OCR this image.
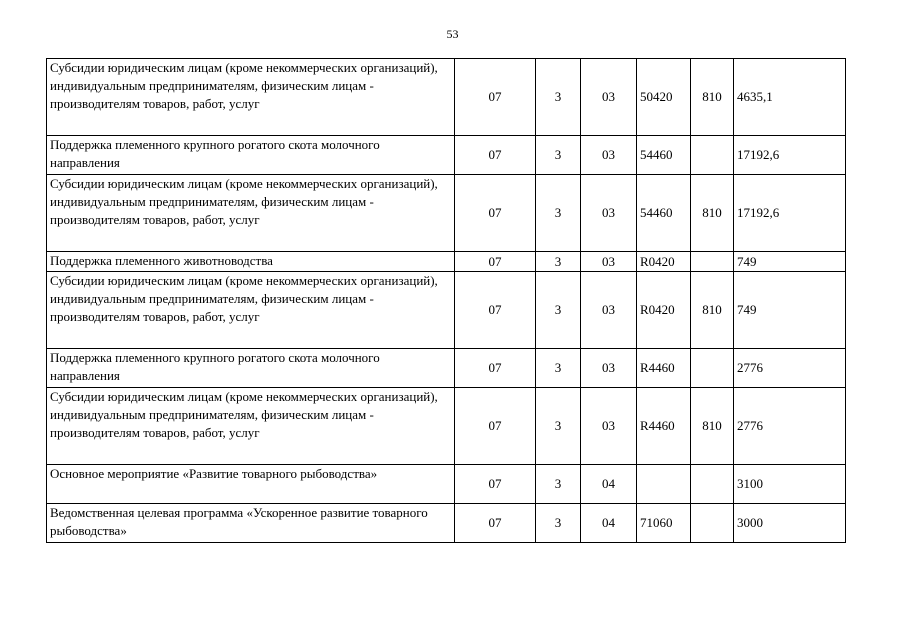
53
Субсидии юридическим лицам (кроме некоммерческих организаций), индивидуальным предпринимателям, физическим лицам - производителям товаров, работ, услуг	07	3	03	50420	810	4635,1
Поддержка племенного крупного рогатого скота молочного направления	07	3	03	54460		17192,6
Субсидии юридическим лицам (кроме некоммерческих организаций), индивидуальным предпринимателям, физическим лицам - производителям товаров, работ, услуг	07	3	03	54460	810	17192,6
Поддержка племенного животноводства	07	3	03	R0420		749
Субсидии юридическим лицам (кроме некоммерческих организаций), индивидуальным предпринимателям, физическим лицам - производителям товаров, работ, услуг	07	3	03	R0420	810	749
Поддержка племенного крупного рогатого скота молочного направления	07	3	03	R4460		2776
Субсидии юридическим лицам (кроме некоммерческих организаций), индивидуальным предпринимателям, физическим лицам - производителям товаров, работ, услуг	07	3	03	R4460	810	2776
Основное мероприятие «Развитие товарного рыбоводства»	07	3	04			3100
Ведомственная целевая программа «Ускоренное развитие товарного рыбоводства»	07	3	04	71060		3000
